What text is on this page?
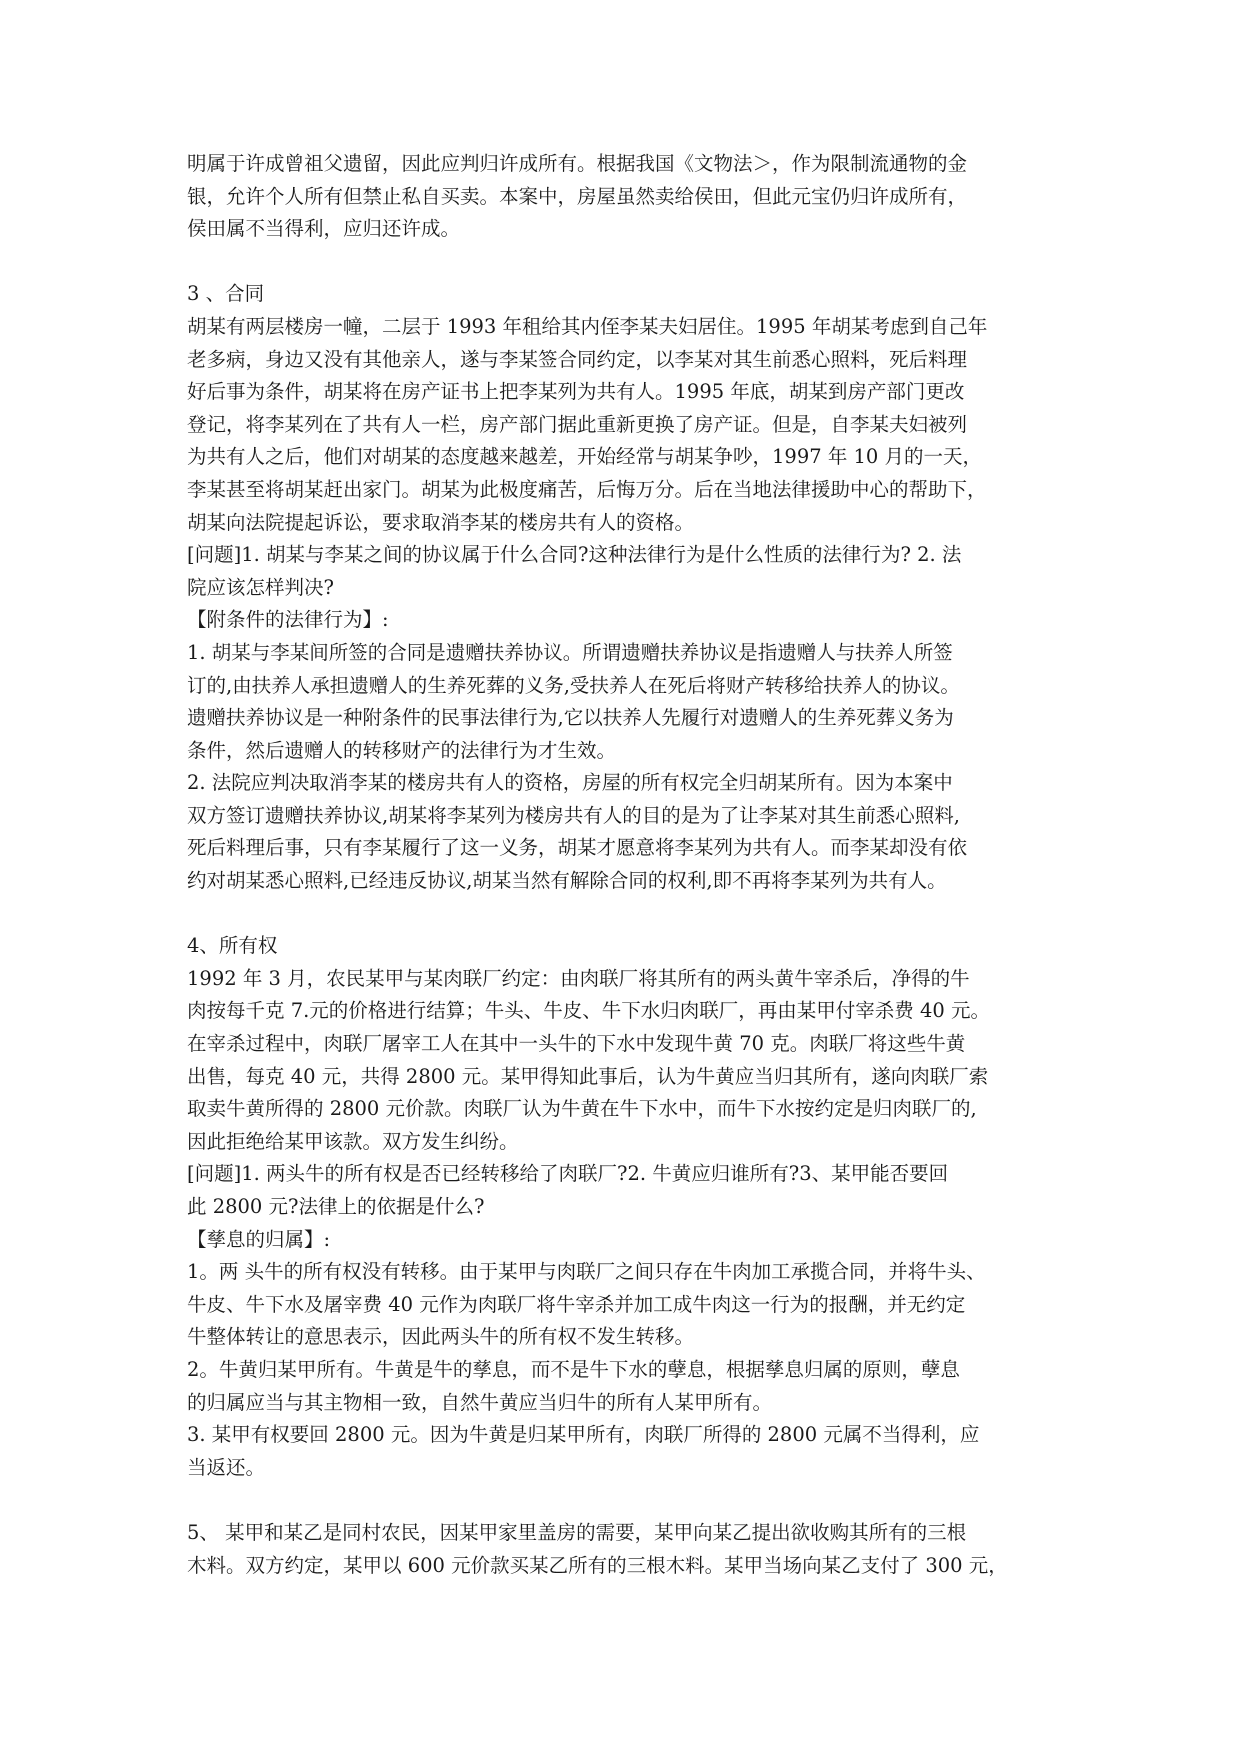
明属于许成曾祖父遗留，因此应判归许成所有。根据我国《文物法＞，作为限制流通物的金
银，允许个人所有但禁止私自买卖。本案中，房屋虽然卖给侯田，但此元宝仍归许成所有，
侯田属不当得利，应归还许成。
3 、合同
胡某有两层楼房一幢，二层于 1993 年租给其内侄李某夫妇居住。1995 年胡某考虑到自己年
老多病，身边又没有其他亲人，遂与李某签合同约定，以李某对其生前悉心照料，死后料理
好后事为条件，胡某将在房产证书上把李某列为共有人。1995 年底，胡某到房产部门更改
登记，将李某列在了共有人一栏，房产部门据此重新更换了房产证。但是，自李某夫妇被列
为共有人之后，他们对胡某的态度越来越差，开始经常与胡某争吵，1997 年 10 月的一天，
李某甚至将胡某赶出家门。胡某为此极度痛苦，后悔万分。后在当地法律援助中心的帮助下，
胡某向法院提起诉讼，要求取消李某的楼房共有人的资格。
[问题]1. 胡某与李某之间的协议属于什么合同?这种法律行为是什么性质的法律行为? 2. 法
院应该怎样判决?
【附条件的法律行为】:
1. 胡某与李某间所签的合同是遗赠扶养协议。所谓遗赠扶养协议是指遗赠人与扶养人所签
订的,由扶养人承担遗赠人的生养死葬的义务,受扶养人在死后将财产转移给扶养人的协议。
遗赠扶养协议是一种附条件的民事法律行为,它以扶养人先履行对遗赠人的生养死葬义务为
条件，然后遗赠人的转移财产的法律行为才生效。
2. 法院应判决取消李某的楼房共有人的资格，房屋的所有权完全归胡某所有。因为本案中
双方签订遗赠扶养协议,胡某将李某列为楼房共有人的目的是为了让李某对其生前悉心照料,
死后料理后事，只有李某履行了这一义务，胡某才愿意将李某列为共有人。而李某却没有依
约对胡某悉心照料,已经违反协议,胡某当然有解除合同的权利,即不再将李某列为共有人。
4、所有权
1992 年 3 月，农民某甲与某肉联厂约定：由肉联厂将其所有的两头黄牛宰杀后，净得的牛
肉按每千克 7.元的价格进行结算；牛头、牛皮、牛下水归肉联厂，再由某甲付宰杀费 40 元。
在宰杀过程中，肉联厂屠宰工人在其中一头牛的下水中发现牛黄 70 克。肉联厂将这些牛黄
出售，每克 40 元，共得 2800 元。某甲得知此事后，认为牛黄应当归其所有，遂向肉联厂索
取卖牛黄所得的 2800 元价款。肉联厂认为牛黄在牛下水中，而牛下水按约定是归肉联厂的,
因此拒绝给某甲该款。双方发生纠纷。
[问题]1. 两头牛的所有权是否已经转移给了肉联厂?2. 牛黄应归谁所有?3、某甲能否要回
此 2800 元?法律上的依据是什么?
【孳息的归属】:
1。两 头牛的所有权没有转移。由于某甲与肉联厂之间只存在牛肉加工承揽合同，并将牛头、
牛皮、牛下水及屠宰费 40 元作为肉联厂将牛宰杀并加工成牛肉这一行为的报酬，并无约定
牛整体转让的意思表示，因此两头牛的所有权不发生转移。
2。牛黄归某甲所有。牛黄是牛的孳息，而不是牛下水的孽息，根据孳息归属的原则，孽息
的归属应当与其主物相一致，自然牛黄应当归牛的所有人某甲所有。
3. 某甲有权要回 2800 元。因为牛黄是归某甲所有，肉联厂所得的 2800 元属不当得利，应
当返还。
5、 某甲和某乙是同村农民，因某甲家里盖房的需要，某甲向某乙提出欲收购其所有的三根
木料。双方约定，某甲以 600 元价款买某乙所有的三根木料。某甲当场向某乙支付了 300 元，
